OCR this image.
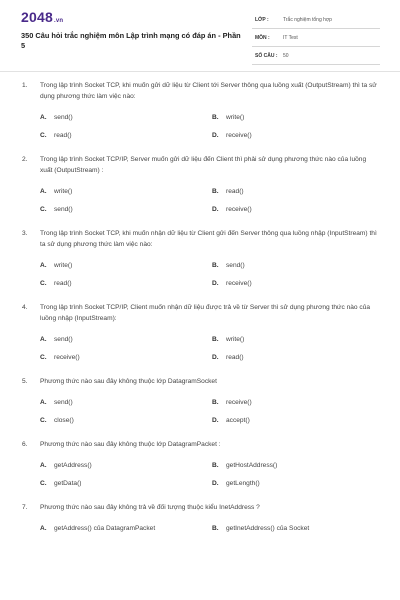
2048.vn
350 Câu hỏi trắc nghiệm môn Lập trình mạng có đáp án - Phần 5
LỚP :	Trắc nghiệm tổng hợp
MÔN :	IT Test
SỐ CÂU : 50
1. Trong lập trình Socket TCP, khi muốn gửi dữ liệu từ Client tới Server thông qua luồng xuất (OutputStream) thì ta sử dụng phương thức làm việc nào:
A. send()	B. write()
C. read()	D. receive()
2. Trong lập trình Socket TCP/IP, Server muốn gửi dữ liệu đến Client thì phải sử dụng phương thức nào của luồng xuất (OutputStream) :
A. write()	B. read()
C. send()	D. receive()
3. Trong lập trình Socket TCP, khi muốn nhận dữ liệu từ Client gửi đến Server thông qua luồng nhập (InputStream) thì ta sử dụng phương thức làm việc nào:
A. write()	B. send()
C. read()	D. receive()
4. Trong lập trình Socket TCP/IP, Client muốn nhận dữ liệu được trả về từ Server thì sử dụng phương thức nào của luồng nhập (InputStream):
A. send()	B. write()
C. receive()	D. read()
5. Phương thức nào sau đây không thuộc lớp DatagramSocket
A. send()	B. receive()
C. close()	D. accept()
6. Phương thức nào sau đây không thuộc lớp DatagramPacket :
A. getAddress()	B. getHostAddress()
C. getData()	D. getLength()
7. Phương thức nào sau đây không trả về đối tượng thuộc kiểu InetAddress ?
A. getAddress() của DatagramPacket	B. getInetAddress() của Socket
